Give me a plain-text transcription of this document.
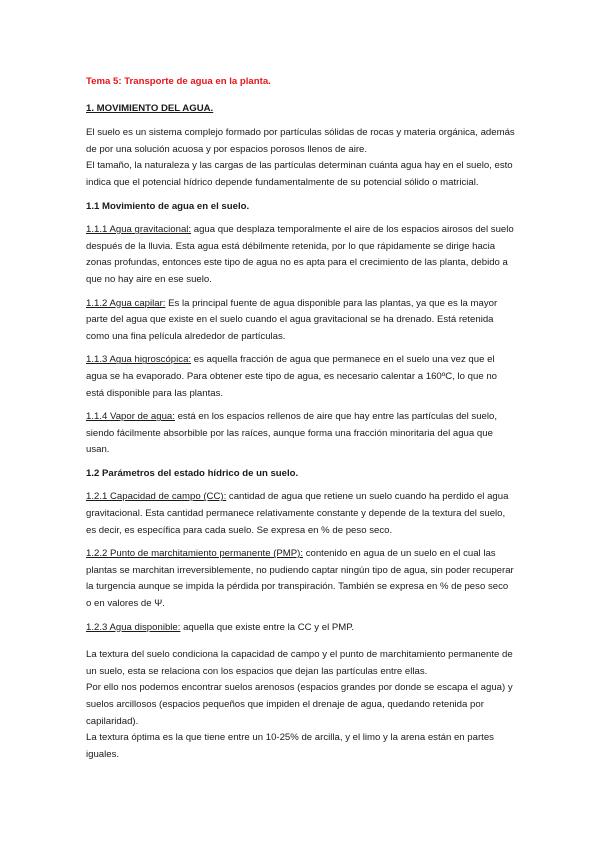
Tema 5: Transporte de agua en la planta.
1. MOVIMIENTO DEL AGUA.

El suelo es un sistema complejo formado por partículas sólidas de rocas y materia orgánica, además de por una solución acuosa y por espacios porosos llenos de aire.

El tamaño, la naturaleza y las cargas de las partículas determinan cuánta agua hay en el suelo, esto indica que el potencial hídrico depende fundamentalmente de su potencial sólido o matricial.

1.1 Movimiento de agua en el suelo.

1.1.1 Agua gravitacional: agua que desplaza temporalmente el aire de los espacios airosos del suelo después de la lluvia. Esta agua está débilmente retenida, por lo que rápidamente se dirige hacia zonas profundas, entonces este tipo de agua no es apta para el crecimiento de las planta, debido a que no hay aire en ese suelo.

1.1.2 Agua capilar: Es la principal fuente de agua disponible para las plantas, ya que es la mayor parte del agua que existe en el suelo cuando el agua gravitacional se ha drenado. Está retenida como una fina película alrededor de partículas.

1.1.3 Agua higroscópica: es aquella fracción de agua que permanece en el suelo una vez que el agua se ha evaporado. Para obtener este tipo de agua, es necesario calentar a 160ºC, lo que no está disponible para las plantas.

1.1.4 Vapor de agua: está en los espacios rellenos de aire que hay entre las partículas del suelo, siendo fácilmente absorbible por las raíces, aunque forma una fracción minoritaria del agua que usan.

1.2 Parámetros del estado hídrico de un suelo.

1.2.1 Capacidad de campo (CC): cantidad de agua que retiene un suelo cuando ha perdido el agua gravitacional. Esta cantidad permanece relativamente constante y depende de la textura del suelo, es decir, es específica para cada suelo. Se expresa en % de peso seco.

1.2.2 Punto de marchitamiento permanente (PMP): contenido en agua de un suelo en el cual las plantas se marchitan irreversiblemente, no pudiendo captar ningún tipo de agua, sin poder recuperar la turgencia aunque se impida la pérdida por transpiración. También se expresa en % de peso seco o en valores de Ψ.

1.2.3 Agua disponible: aquella que existe entre la CC y el PMP.

La textura del suelo condiciona la capacidad de campo y el punto de marchitamiento permanente de un suelo, esta se relaciona con los espacios que dejan las partículas entre ellas.

Por ello nos podemos encontrar suelos arenosos (espacios grandes por donde se escapa el agua) y suelos arcillosos (espacios pequeños que impiden el drenaje de agua, quedando retenida por capilaridad).

La textura óptima es la que tiene entre un 10-25% de arcilla, y el limo y la arena están en partes iguales.
